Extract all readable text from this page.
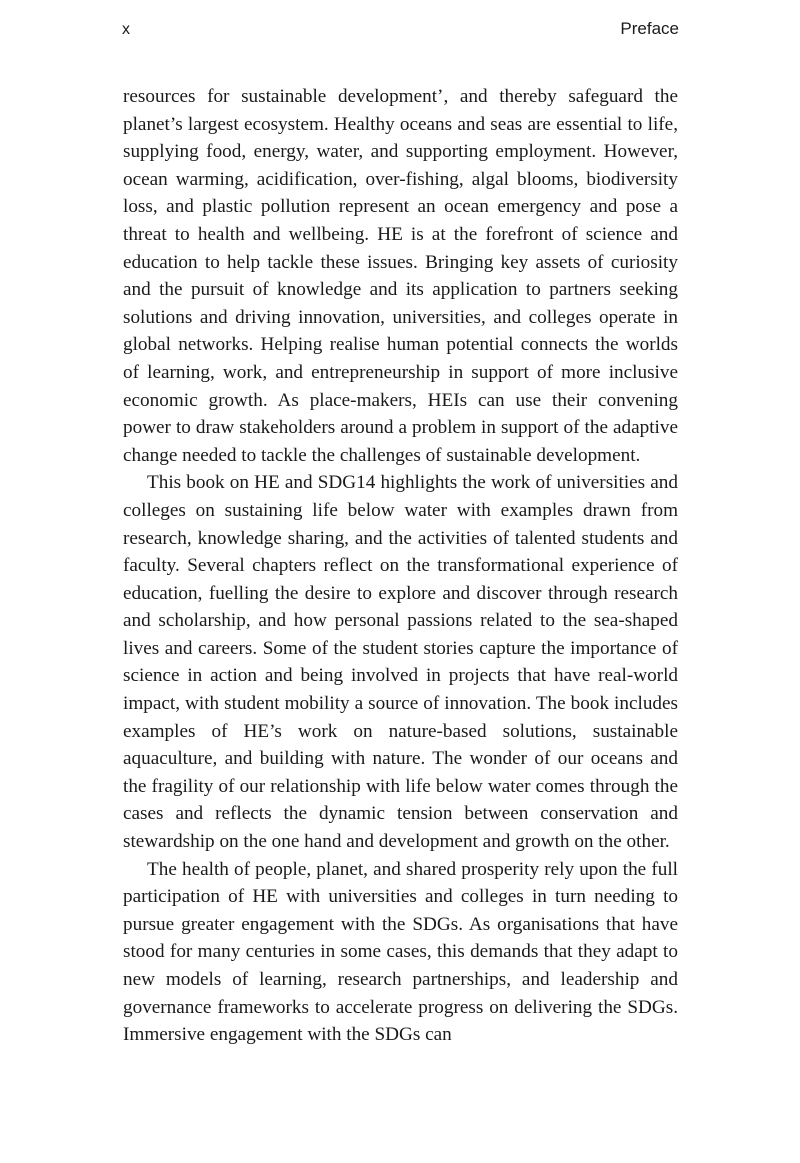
x	Preface

resources for sustainable development’, and thereby safeguard the planet’s largest ecosystem. Healthy oceans and seas are essential to life, supplying food, energy, water, and supporting employment. However, ocean warming, acidification, over-fishing, algal blooms, biodiversity loss, and plastic pollution represent an ocean emergency and pose a threat to health and wellbeing. HE is at the forefront of science and education to help tackle these issues. Bringing key assets of curiosity and the pursuit of knowledge and its application to partners seeking solutions and driving innovation, universities, and colleges operate in global networks. Helping realise human potential connects the worlds of learning, work, and entrepreneurship in support of more inclusive economic growth. As place-makers, HEIs can use their convening power to draw stakeholders around a problem in support of the adaptive change needed to tackle the challenges of sustainable development.

This book on HE and SDG14 highlights the work of universities and colleges on sustaining life below water with examples drawn from research, knowledge sharing, and the activities of talented students and faculty. Several chapters reflect on the transformational experience of education, fuelling the desire to explore and discover through research and scholarship, and how personal passions related to the sea-shaped lives and careers. Some of the student stories capture the importance of science in action and being involved in projects that have real-world impact, with student mobility a source of innovation. The book includes examples of HE’s work on nature-based solutions, sustainable aquaculture, and building with nature. The wonder of our oceans and the fragility of our relationship with life below water comes through the cases and reflects the dynamic tension between conservation and stewardship on the one hand and development and growth on the other.

The health of people, planet, and shared prosperity rely upon the full participation of HE with universities and colleges in turn needing to pursue greater engagement with the SDGs. As organisations that have stood for many centuries in some cases, this demands that they adapt to new models of learning, research partnerships, and leadership and governance frameworks to accelerate progress on delivering the SDGs. Immersive engagement with the SDGs can
